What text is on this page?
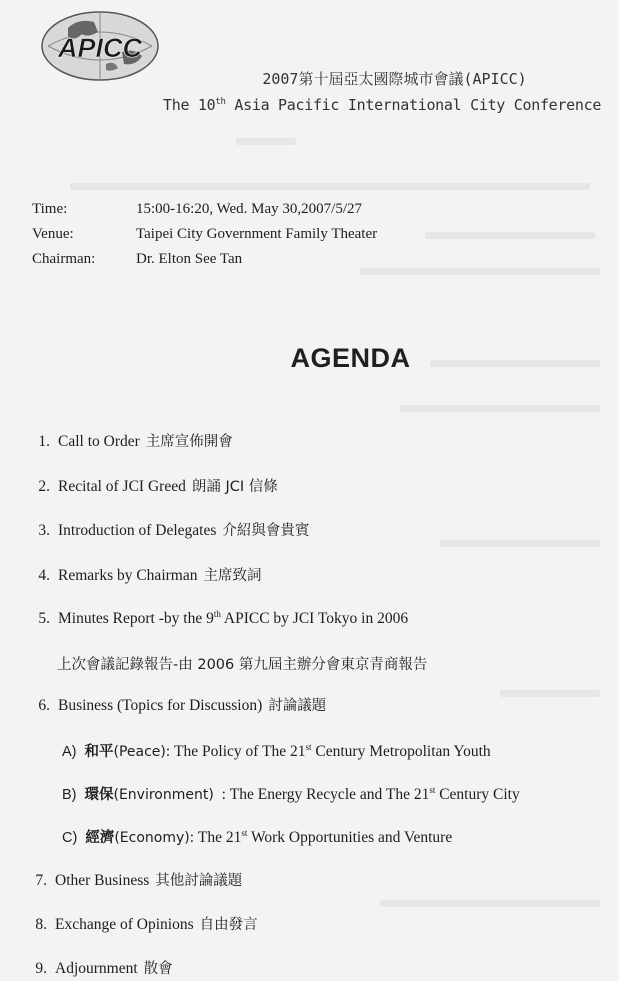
APICC
2007第十屆亞太國際城市會議(APICC)
The 10th Asia Pacific International City Conference
Time:	15:00-16:20, Wed. May 30,2007/5/27
Venue:	Taipei City Government Family Theater
Chairman:	Dr. Elton See Tan
AGENDA
1. Call to Order 主席宣佈開會
2. Recital of JCI Greed 朗誦 JCI 信條
3. Introduction of Delegates 介紹與會貴賓
4. Remarks by Chairman 主席致詞
5. Minutes Report -by the 9th APICC by JCI Tokyo in 2006
上次會議記錄報告-由 2006 第九屆主辦分會東京青商報告
6. Business (Topics for Discussion) 討論議題
A) 和平(Peace): The Policy of The 21st Century Metropolitan Youth
B) 環保(Environment)  : The Energy Recycle and The 21st Century City
C) 經濟(Economy): The 21st Work Opportunities and Venture
7. Other Business 其他討論議題
8. Exchange of Opinions 自由發言
9. Adjournment 散會
